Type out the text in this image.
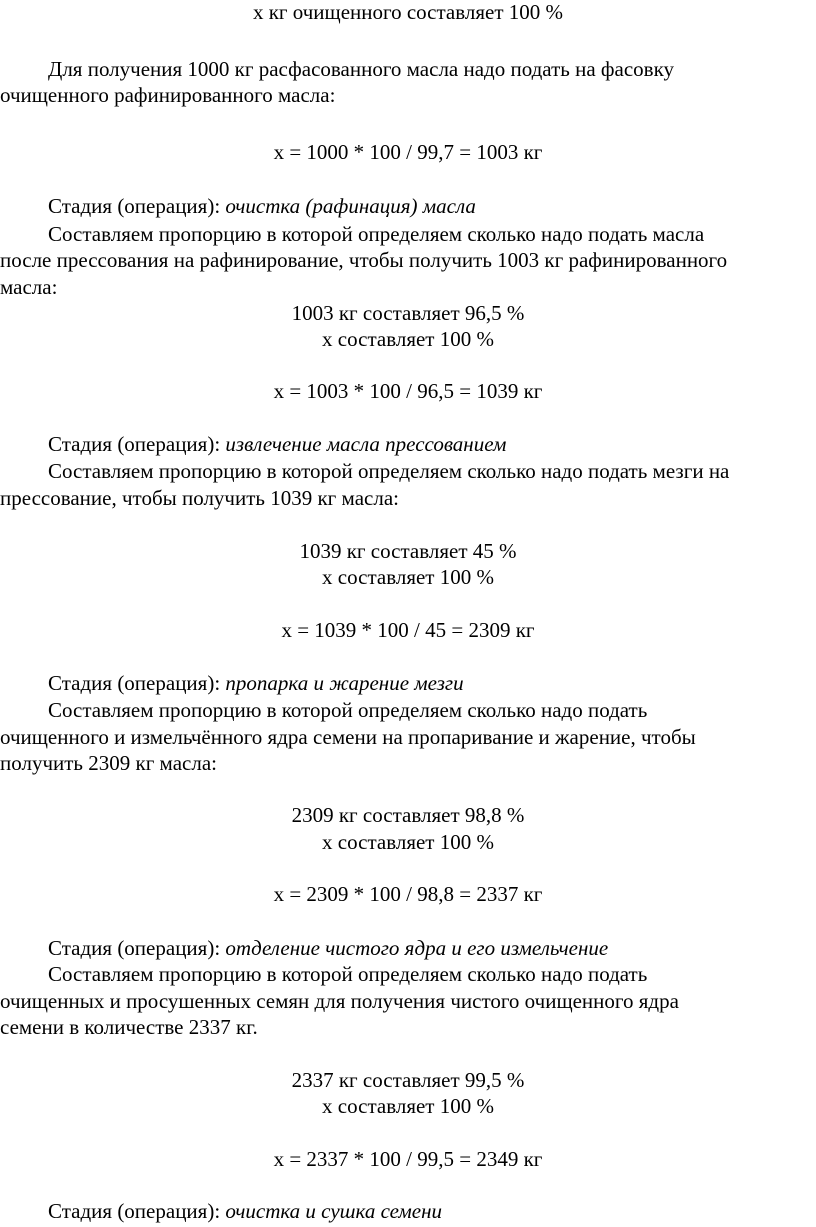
х кг очищенного составляет 100 %
Для получения 1000 кг расфасованного масла надо подать на фасовку
очищенного рафинированного масла:
х = 1000 * 100 / 99,7 = 1003 кг
Стадия (операция): очистка (рафинация) масла
Составляем пропорцию в которой определяем сколько надо подать масла
после прессования на рафинирование, чтобы получить 1003 кг рафинированного
масла:
1003 кг составляет 96,5 %
х составляет 100 %
х = 1003 * 100 / 96,5 = 1039 кг
Стадия (операция): извлечение масла прессованием
Составляем пропорцию в которой определяем сколько надо подать мезги на
прессование, чтобы получить 1039 кг масла:
1039 кг составляет 45 %
х составляет 100 %
х = 1039 * 100 / 45 = 2309 кг
Стадия (операция): пропарка и жарение мезги
Составляем пропорцию в которой определяем сколько надо подать
очищенного и измельчённого ядра семени на пропаривание и жарение, чтобы
получить 2309 кг масла:
2309 кг составляет 98,8 %
х составляет 100 %
х = 2309 * 100 / 98,8 = 2337 кг
Стадия (операция): отделение чистого ядра и его измельчение
Составляем пропорцию в которой определяем сколько надо подать
очищенных и просушенных семян для получения чистого очищенного ядра
семени в количестве 2337 кг.
2337 кг составляет 99,5 %
х составляет 100 %
х = 2337 * 100 / 99,5 = 2349 кг
Стадия (операция): очистка и сушка семени
